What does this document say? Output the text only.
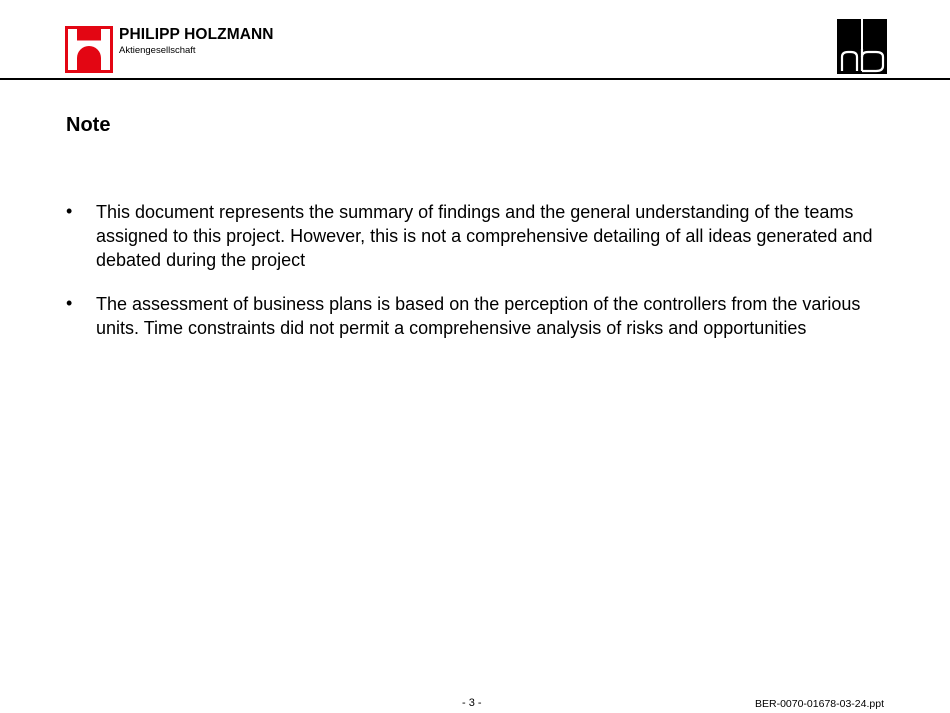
PHILIPP HOLZMANN
Aktiengesellschaft
Note
•	This document represents the summary of findings and the general understanding of the teams assigned to this project. However, this is not a comprehensive detailing of all ideas generated and debated during the project
•	The assessment of business plans is based on the perception of the controllers from the various units. Time constraints did not permit a comprehensive analysis of risks and opportunities
- 3 -	BER-0070-01678-03-24.ppt
